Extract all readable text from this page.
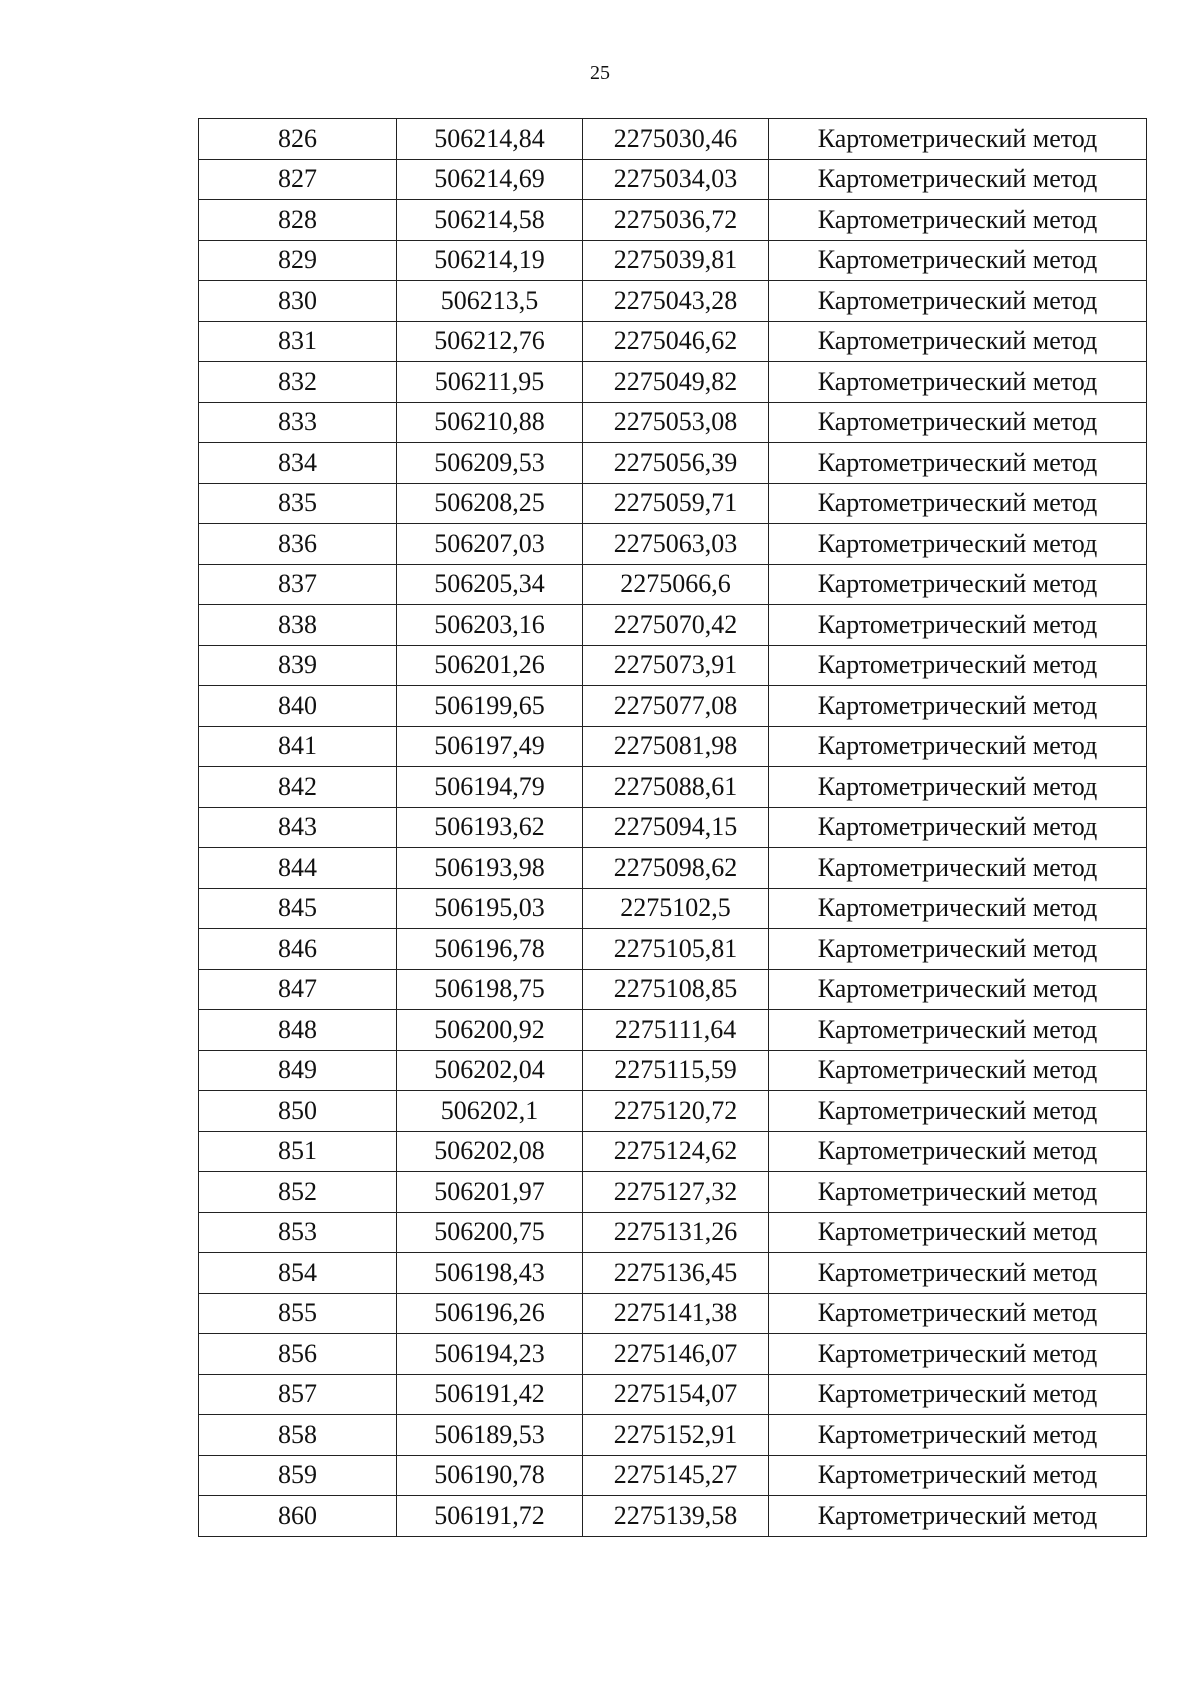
25
826	506214,84	2275030,46	Картометрический метод
827	506214,69	2275034,03	Картометрический метод
828	506214,58	2275036,72	Картометрический метод
829	506214,19	2275039,81	Картометрический метод
830	506213,5	2275043,28	Картометрический метод
831	506212,76	2275046,62	Картометрический метод
832	506211,95	2275049,82	Картометрический метод
833	506210,88	2275053,08	Картометрический метод
834	506209,53	2275056,39	Картометрический метод
835	506208,25	2275059,71	Картометрический метод
836	506207,03	2275063,03	Картометрический метод
837	506205,34	2275066,6	Картометрический метод
838	506203,16	2275070,42	Картометрический метод
839	506201,26	2275073,91	Картометрический метод
840	506199,65	2275077,08	Картометрический метод
841	506197,49	2275081,98	Картометрический метод
842	506194,79	2275088,61	Картометрический метод
843	506193,62	2275094,15	Картометрический метод
844	506193,98	2275098,62	Картометрический метод
845	506195,03	2275102,5	Картометрический метод
846	506196,78	2275105,81	Картометрический метод
847	506198,75	2275108,85	Картометрический метод
848	506200,92	2275111,64	Картометрический метод
849	506202,04	2275115,59	Картометрический метод
850	506202,1	2275120,72	Картометрический метод
851	506202,08	2275124,62	Картометрический метод
852	506201,97	2275127,32	Картометрический метод
853	506200,75	2275131,26	Картометрический метод
854	506198,43	2275136,45	Картометрический метод
855	506196,26	2275141,38	Картометрический метод
856	506194,23	2275146,07	Картометрический метод
857	506191,42	2275154,07	Картометрический метод
858	506189,53	2275152,91	Картометрический метод
859	506190,78	2275145,27	Картометрический метод
860	506191,72	2275139,58	Картометрический метод
